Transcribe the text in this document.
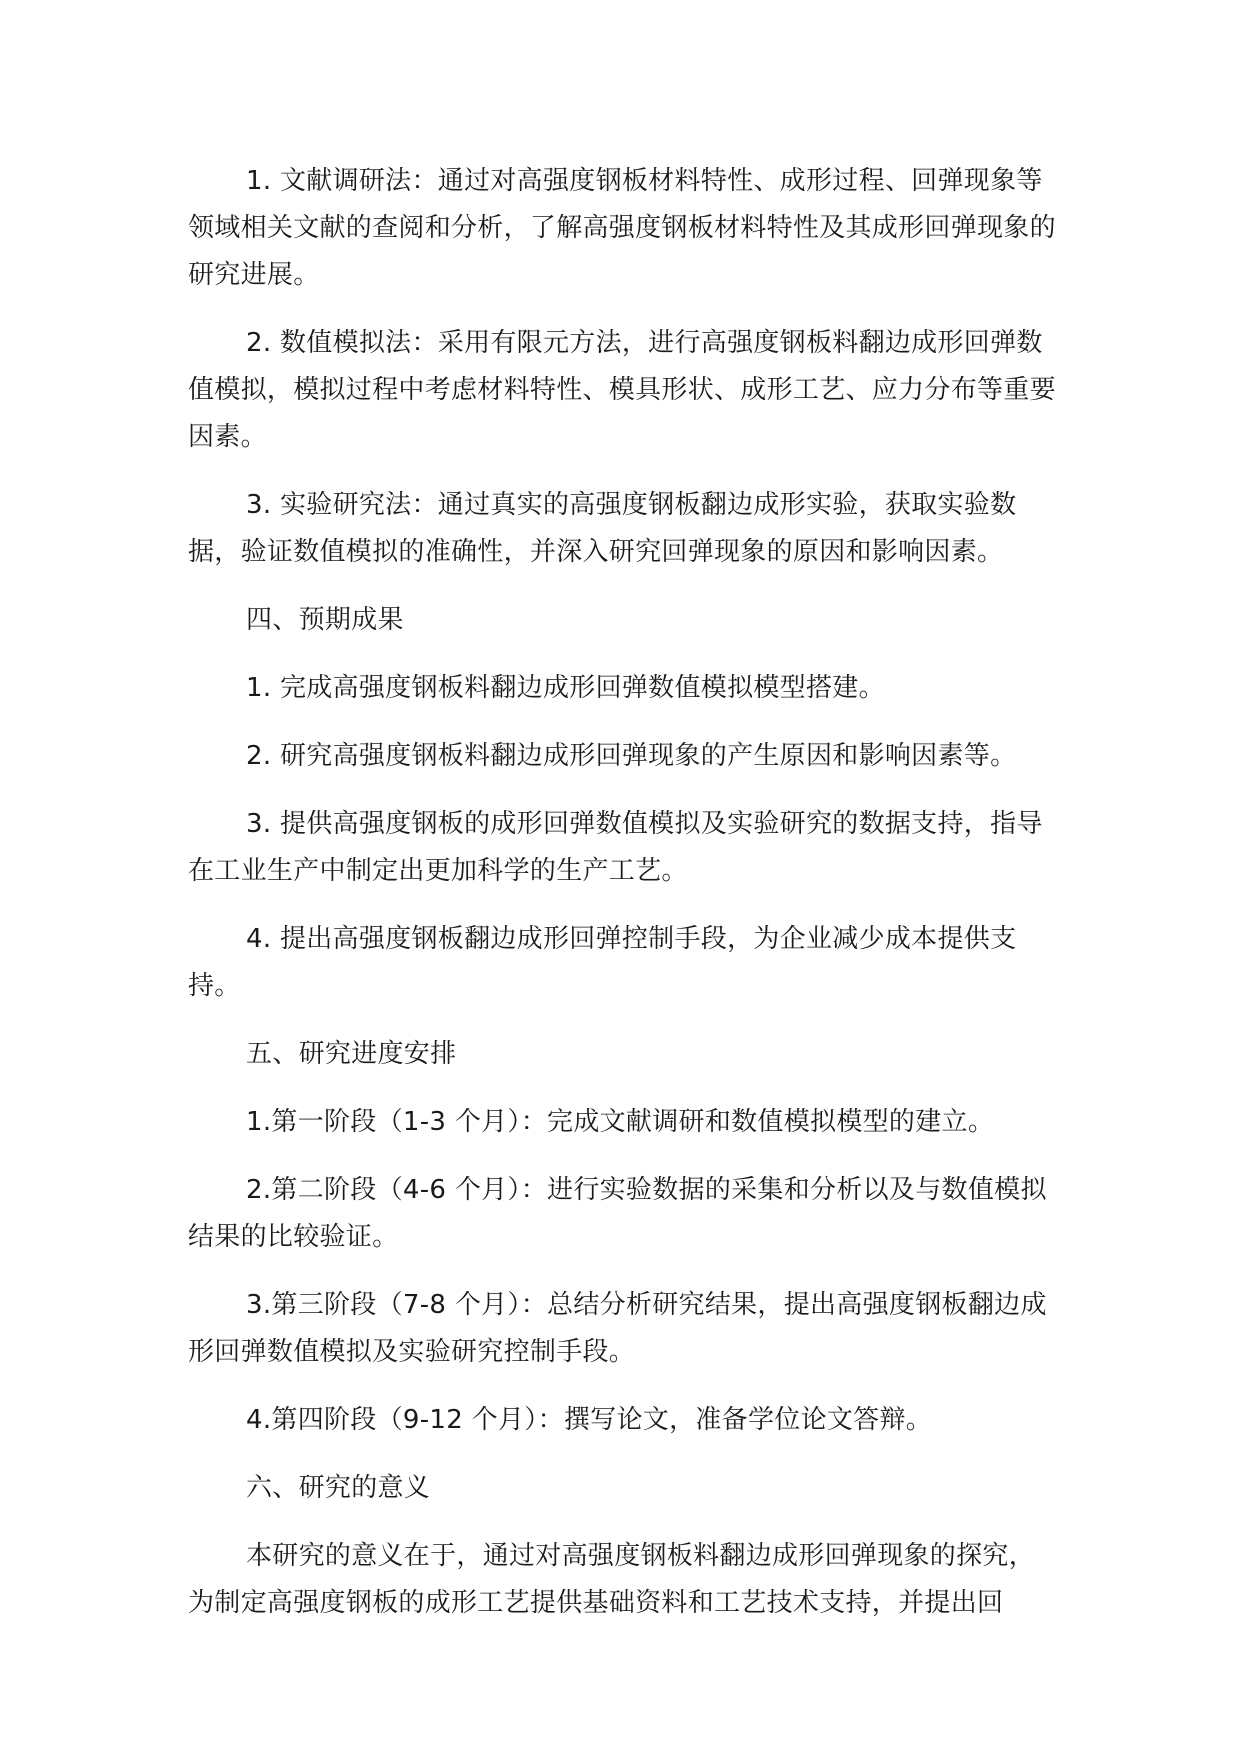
1. 文献调研法：通过对高强度钢板材料特性、成形过程、回弹现象等领域相关文献的查阅和分析，了解高强度钢板材料特性及其成形回弹现象的研究进展。

2. 数值模拟法：采用有限元方法，进行高强度钢板料翻边成形回弹数值模拟，模拟过程中考虑材料特性、模具形状、成形工艺、应力分布等重要因素。

3. 实验研究法：通过真实的高强度钢板翻边成形实验，获取实验数据，验证数值模拟的准确性，并深入研究回弹现象的原因和影响因素。

四、预期成果

1. 完成高强度钢板料翻边成形回弹数值模拟模型搭建。

2. 研究高强度钢板料翻边成形回弹现象的产生原因和影响因素等。

3. 提供高强度钢板的成形回弹数值模拟及实验研究的数据支持，指导在工业生产中制定出更加科学的生产工艺。

4. 提出高强度钢板翻边成形回弹控制手段，为企业减少成本提供支持。

五、研究进度安排

1.第一阶段（1-3 个月）：完成文献调研和数值模拟模型的建立。

2.第二阶段（4-6 个月）：进行实验数据的采集和分析以及与数值模拟结果的比较验证。

3.第三阶段（7-8 个月）：总结分析研究结果，提出高强度钢板翻边成形回弹数值模拟及实验研究控制手段。

4.第四阶段（9-12 个月）：撰写论文，准备学位论文答辩。

六、研究的意义

本研究的意义在于，通过对高强度钢板料翻边成形回弹现象的探究，为制定高强度钢板的成形工艺提供基础资料和工艺技术支持，并提出回
